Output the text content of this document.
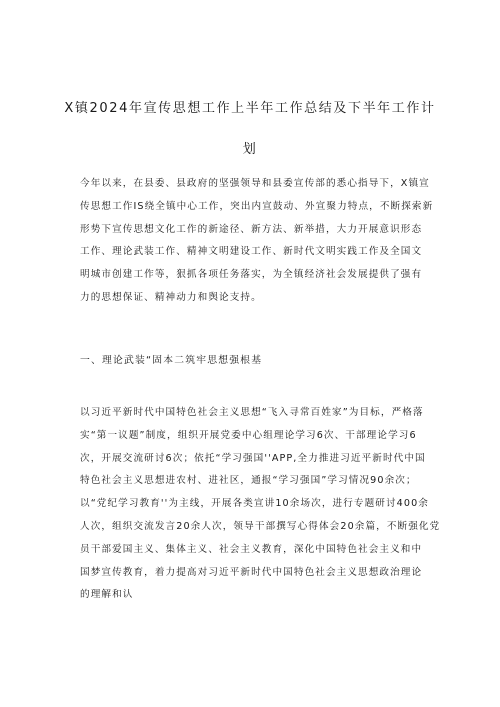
X镇2024年宣传思想工作上半年工作总结及下半年工作计
划

今年以来，在县委、县政府的坚强领导和县委宣传部的悉心指导下，X镇宣
传思想工作IS绕全镇中心工作，突出内宣鼓动、外宣聚力特点，不断探索新
形势下宣传思想文化工作的新途径、新方法、新举措，大力开展意识形态
工作、理论武装工作、精神文明建设工作、新时代文明实践工作及全国文
明城市创建工作等，狠抓各项任务落实，为全镇经济社会发展提供了强有
力的思想保证、精神动力和舆论支持。

一、理论武装“固本二筑牢思想强根基

以习近平新时代中国特色社会主义思想“飞入寻常百姓家”为目标，严格落
实“第一议题”制度，组织开展党委中心组理论学习6次、干部理论学习6
次，开展交流研讨6次；依托“学习强国''APP,全力推进习近平新时代中国
特色社会主义思想进农村、进社区，通报“学习强国”学习情况90余次；
以“党纪学习教育''为主线，开展各类宣讲10余场次，进行专题研讨400余
人次，组织交流发言20余人次，领导干部撰写心得体会20余篇，不断强化党
员干部爱国主义、集体主义、社会主义教育，深化中国特色社会主义和中
国梦宣传教育，着力提高对习近平新时代中国特色社会主义思想政治理论
的理解和认
